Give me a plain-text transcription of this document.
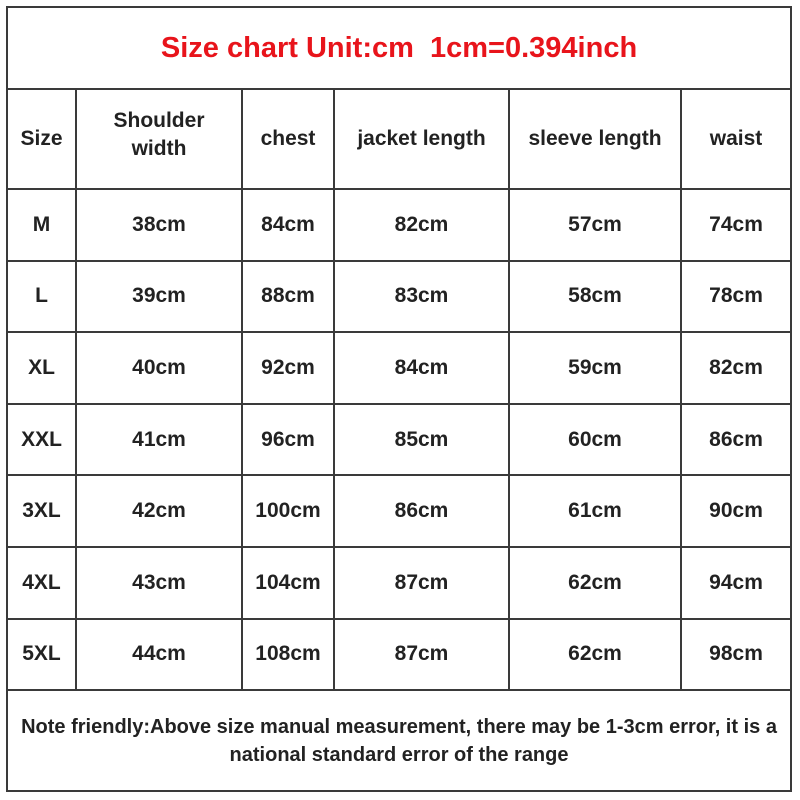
Size chart Unit:cm  1cm=0.394inch					
Size	Shoulder width	chest	jacket length	sleeve length	waist
M	38cm	84cm	82cm	57cm	74cm
L	39cm	88cm	83cm	58cm	78cm
XL	40cm	92cm	84cm	59cm	82cm
XXL	41cm	96cm	85cm	60cm	86cm
3XL	42cm	100cm	86cm	61cm	90cm
4XL	43cm	104cm	87cm	62cm	94cm
5XL	44cm	108cm	87cm	62cm	98cm
Note friendly:Above size manual measurement, there may be 1-3cm error, it is a national standard error of the range					
